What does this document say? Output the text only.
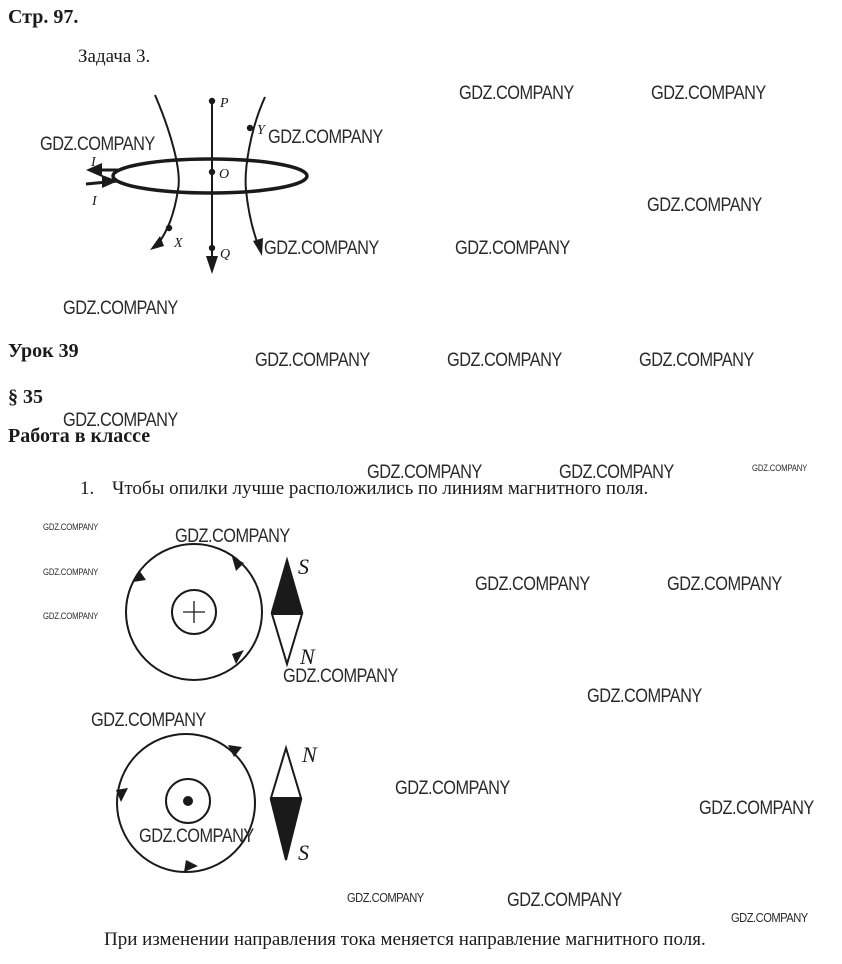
Стр. 97.
Задача 3.
Урок 39
§ 35
Работа в классе
1. Чтобы опилки лучше расположились по линиям магнитного поля.
При изменении направления тока меняется направление магнитного поля.
P
Y
O
Q
X
I
I
S
N
N
S
GDZ.COMPANY	GDZ.COMPANY
GDZ.COMPANY	GDZ.COMPANY
GDZ.COMPANY
GDZ.COMPANY	GDZ.COMPANY
GDZ.COMPANY
GDZ.COMPANY	GDZ.COMPANY	GDZ.COMPANY
GDZ.COMPANY
GDZ.COMPANY	GDZ.COMPANY	GDZ.COMPANY
GDZ.COMPANY	GDZ.COMPANY
GDZ.COMPANY
GDZ.COMPANY	GDZ.COMPANY
GDZ.COMPANY
GDZ.COMPANY
GDZ.COMPANY
GDZ.COMPANY
GDZ.COMPANY
GDZ.COMPANY
GDZ.COMPANY
GDZ.COMPANY	GDZ.COMPANY
GDZ.COMPANY
